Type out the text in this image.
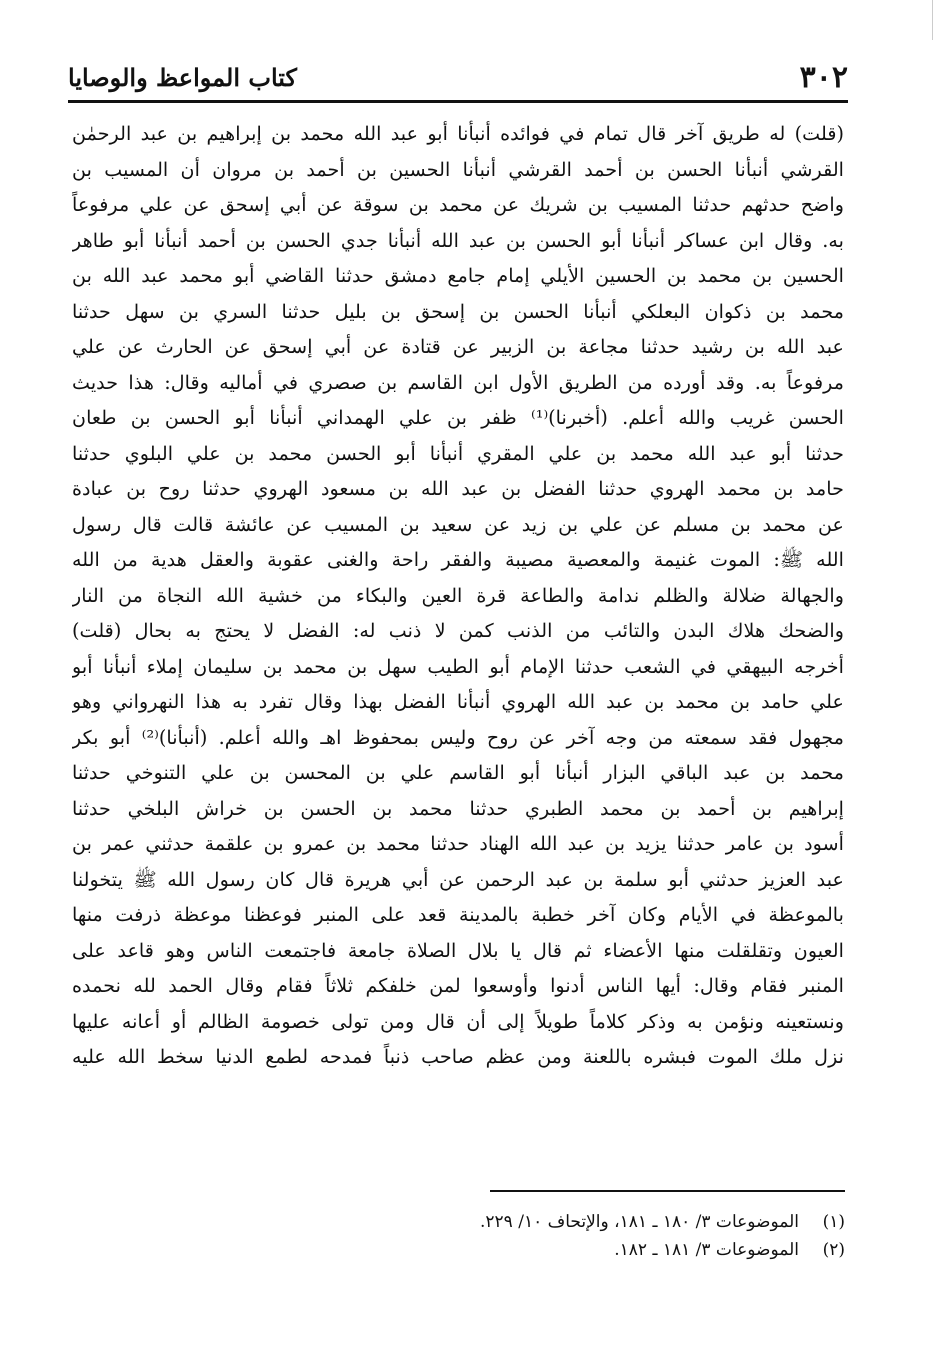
٣٠٢
كتاب المواعظ والوصايا
(قلت) له طريق آخر قال تمام في فوائده أنبأنا أبو عبد الله محمد بن إبراهيم بن عبد الرحمٰن
القرشي أنبأنا الحسن بن أحمد القرشي أنبأنا الحسين بن أحمد بن مروان أن المسيب بن
واضح حدثهم حدثنا المسيب بن شريك عن محمد بن سوقة عن أبي إسحق عن علي مرفوعاً
به. وقال ابن عساكر أنبأنا أبو الحسن بن عبد الله أنبأنا جدي الحسن بن أحمد أنبأنا أبو طاهر
الحسين بن محمد بن الحسين الأيلي إمام جامع دمشق حدثنا القاضي أبو محمد عبد الله بن
محمد بن ذكوان البعلكي أنبأنا الحسن بن إسحق بن بليل حدثنا السري بن سهل حدثنا
عبد الله بن رشيد حدثنا مجاعة بن الزبير عن قتادة عن أبي إسحق عن الحارث عن علي
مرفوعاً به. وقد أورده من الطريق الأول ابن القاسم بن صصري في أماليه وقال: هذا حديث
الحسن غريب والله أعلم. (أخبرنا)⁽¹⁾ ظفر بن علي الهمداني أنبأنا أبو الحسن بن طعان
حدثنا أبو عبد الله محمد بن علي المقري أنبأنا أبو الحسن محمد بن علي البلوي حدثنا
حامد بن محمد الهروي حدثنا الفضل بن عبد الله بن مسعود الهروي حدثنا روح بن عبادة
عن محمد بن مسلم عن علي بن زيد عن سعيد بن المسيب عن عائشة قالت قال رسول
الله ﷺ: الموت غنيمة والمعصية مصيبة والفقر راحة والغنى عقوبة والعقل هدية من الله
والجهالة ضلالة والظلم ندامة والطاعة قرة العين والبكاء من خشية الله النجاة من النار
والضحك هلاك البدن والتائب من الذنب كمن لا ذنب له: الفضل لا يحتج به بحال (قلت)
أخرجه البيهقي في الشعب حدثنا الإمام أبو الطيب سهل بن محمد بن سليمان إملاء أنبأنا أبو
علي حامد بن محمد بن عبد الله الهروي أنبأنا الفضل بهذا وقال تفرد به هذا النهرواني وهو
مجهول فقد سمعته من وجه آخر عن روح وليس بمحفوظ اهـ والله أعلم. (أنبأنا)⁽²⁾ أبو بكر
محمد بن عبد الباقي البزار أنبأنا أبو القاسم علي بن المحسن بن علي التنوخي حدثنا
إبراهيم بن أحمد بن محمد الطبري حدثنا محمد بن الحسن بن خراش البلخي حدثنا
أسود بن عامر حدثنا يزيد بن عبد الله الهناد حدثنا محمد بن عمرو بن علقمة حدثني عمر بن
عبد العزيز حدثني أبو سلمة بن عبد الرحمن عن أبي هريرة قال كان رسول الله ﷺ يتخولنا
بالموعظة في الأيام وكان آخر خطبة بالمدينة قعد على المنبر فوعظنا موعظة ذرفت منها
العيون وتقلقلت منها الأعضاء ثم قال يا بلال الصلاة جامعة فاجتمعت الناس وهو قاعد على
المنبر فقام وقال: أيها الناس أدنوا وأوسعوا لمن خلفكم ثلاثاً فقام وقال الحمد لله نحمده
ونستعينه ونؤمن به وذكر كلاماً طويلاً إلى أن قال ومن تولى خصومة الظالم أو أعانه عليها
نزل ملك الموت فبشره باللعنة ومن عظم صاحب ذنباً فمدحه لطمع الدنيا سخط الله عليه
(١)الموضوعات ٣/ ١٨٠ ـ ١٨١، والإتحاف ١٠/ ٢٢٩.
(٢)الموضوعات ٣/ ١٨١ ـ ١٨٢.
